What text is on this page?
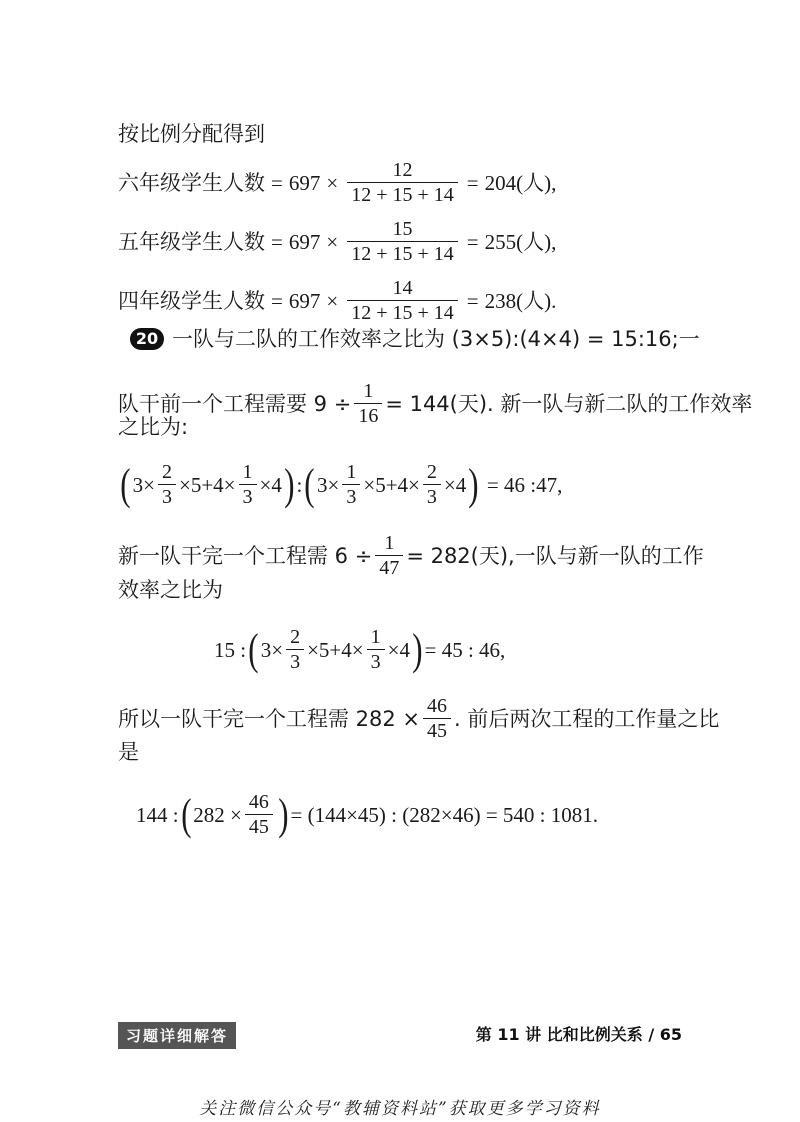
按比例分配得到
六年级学生人数 = $697 \times \frac{12}{12 + 15 + 14} = 204$(人),
五年级学生人数 = $697 \times \frac{15}{12 + 15 + 14} = 255$(人),
四年级学生人数 = $697 \times \frac{14}{12 + 15 + 14} = 238$(人).
20 一队与二队的工作效率之比为 (3×5):(4×4) = 15:16;一
队干前一个工程需要 $9 \div \frac{1}{16} = 144$(天). 新一队与新二队的工作效率
之比为:
( $3\times \frac{2}{3} \times 5+4\times \frac{1}{3} \times 4$ ) : ( $3\times \frac{1}{3} \times 5+4\times \frac{2}{3} \times 4$ ) = 46 :47,
新一队干完一个工程需 $6 \div \frac{1}{47} = 282$(天),一队与新一队的工作
效率之比为
15 : ( $3\times \frac{2}{3} \times 5+4\times \frac{1}{3} \times 4$ ) = 45 : 46,
所以一队干完一个工程需 $282 \times \frac{46}{45}$ . 前后两次工程的工作量之比
是
144 : ( $282 \times \frac{46}{45}$ ) = (144×45) : (282×46) = 540 : 1081.
习题详细解答	第 11 讲 比和比例关系 / 65
关注微信公众号“教辅资料站”获取更多学习资料
